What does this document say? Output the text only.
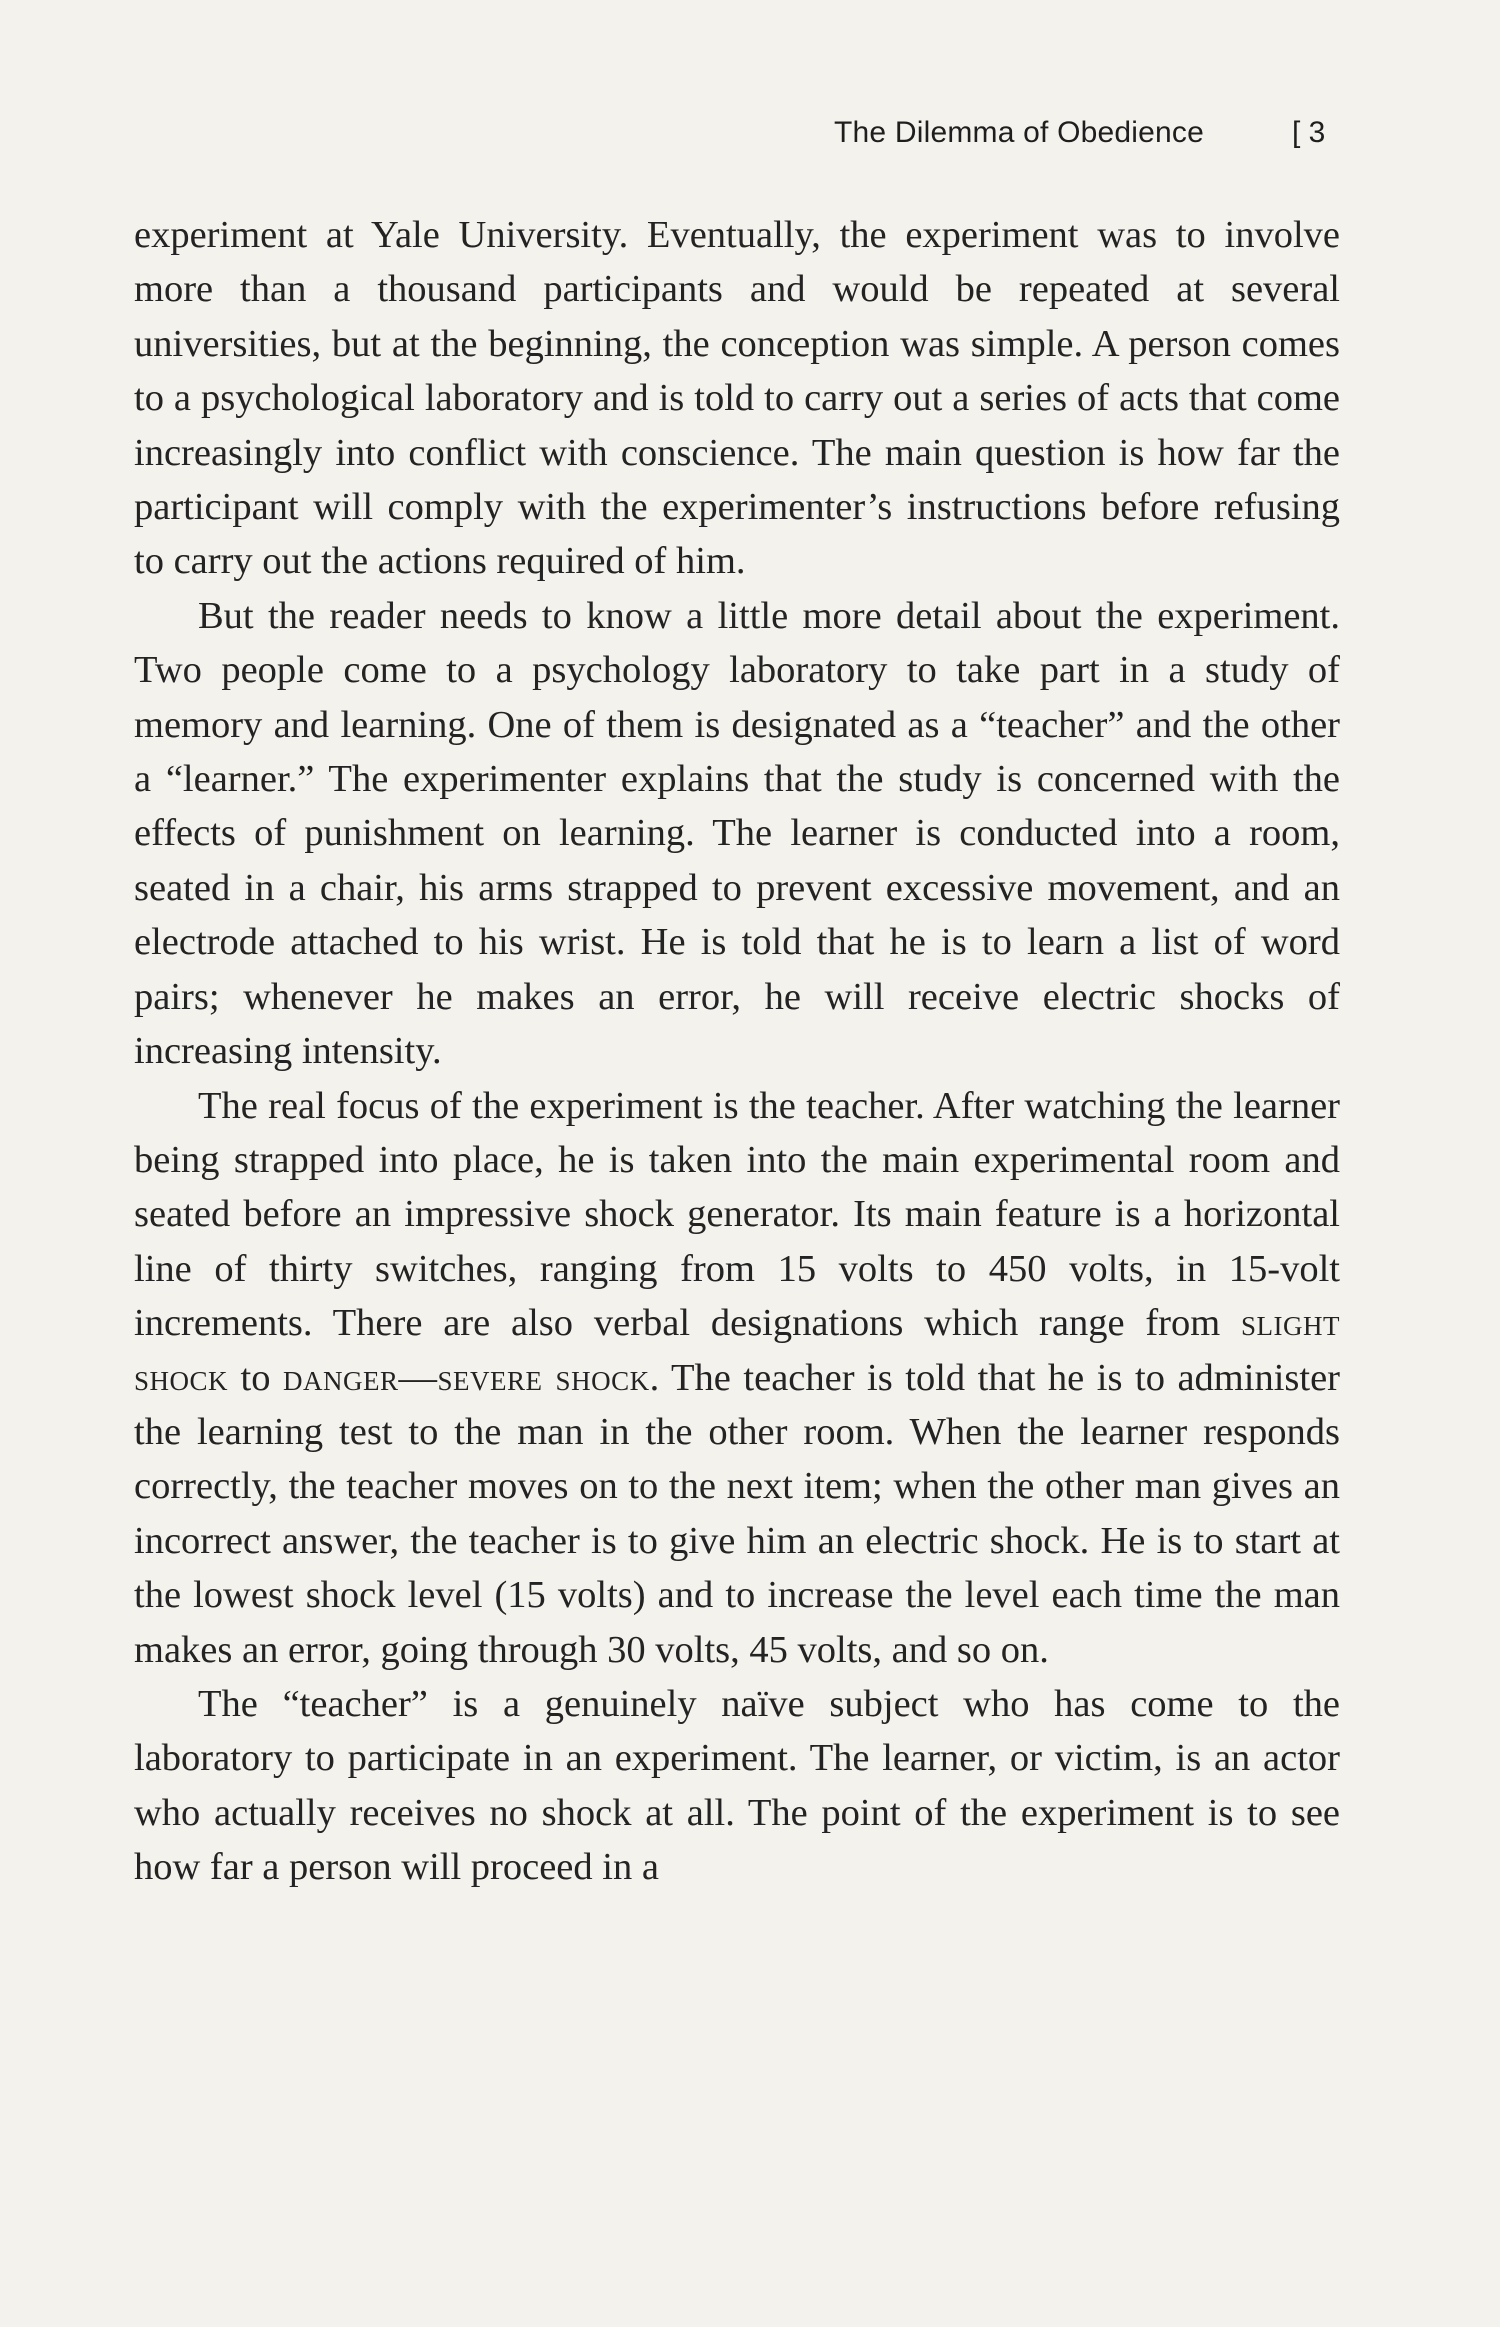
The Dilemma of Obedience	[ 3

experiment at Yale University. Eventually, the experiment was to involve more than a thousand participants and would be repeated at several universities, but at the beginning, the conception was simple. A person comes to a psychological laboratory and is told to carry out a series of acts that come increasingly into conflict with conscience. The main question is how far the participant will comply with the experimenter’s instructions before refusing to carry out the actions required of him.

But the reader needs to know a little more detail about the experiment. Two people come to a psychology laboratory to take part in a study of memory and learning. One of them is designated as a “teacher” and the other a “learner.” The experimenter explains that the study is concerned with the effects of punishment on learning. The learner is conducted into a room, seated in a chair, his arms strapped to prevent excessive movement, and an electrode attached to his wrist. He is told that he is to learn a list of word pairs; whenever he makes an error, he will receive electric shocks of increasing intensity.

The real focus of the experiment is the teacher. After watching the learner being strapped into place, he is taken into the main experimental room and seated before an impressive shock generator. Its main feature is a horizontal line of thirty switches, ranging from 15 volts to 450 volts, in 15-volt increments. There are also verbal designations which range from slight shock to danger—severe shock. The teacher is told that he is to administer the learning test to the man in the other room. When the learner responds correctly, the teacher moves on to the next item; when the other man gives an incorrect answer, the teacher is to give him an electric shock. He is to start at the lowest shock level (15 volts) and to increase the level each time the man makes an error, going through 30 volts, 45 volts, and so on.

The “teacher” is a genuinely naïve subject who has come to the laboratory to participate in an experiment. The learner, or victim, is an actor who actually receives no shock at all. The point of the experiment is to see how far a person will proceed in a
